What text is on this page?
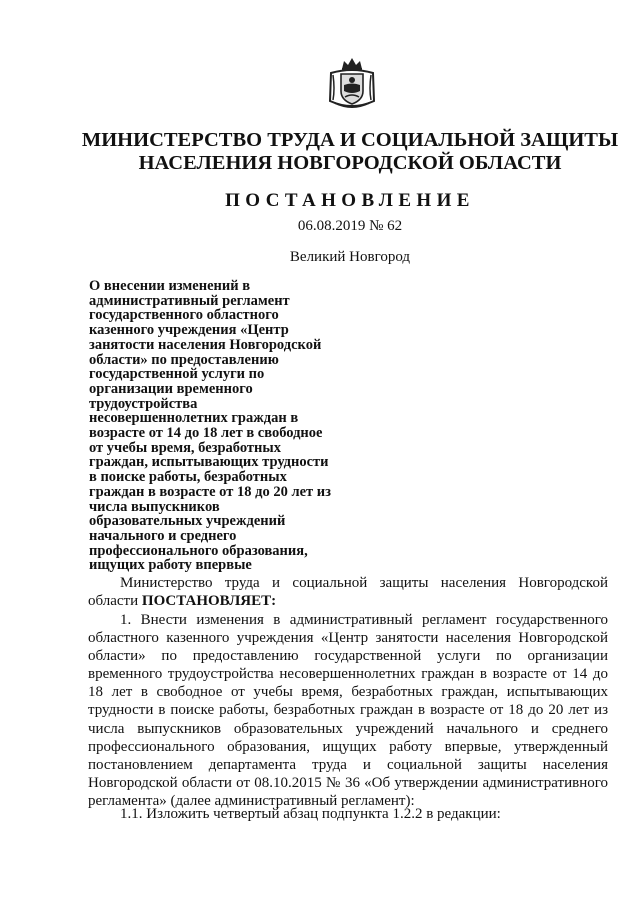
МИНИСТЕРСТВО ТРУДА И СОЦИАЛЬНОЙ ЗАЩИТЫ
НАСЕЛЕНИЯ НОВГОРОДСКОЙ ОБЛАСТИ
ПОСТАНОВЛЕНИЕ
06.08.2019 № 62
Великий Новгород
О внесении изменений в
административный регламент
государственного областного
казенного учреждения «Центр
занятости населения Новгородской
области» по предоставлению
государственной услуги по
организации временного
трудоустройства
несовершеннолетних граждан в
возрасте от 14 до 18 лет в свободное
от учебы время, безработных
граждан, испытывающих трудности
в поиске работы, безработных
граждан в возрасте от 18 до 20 лет из
числа выпускников
образовательных учреждений
начального и среднего
профессионального образования,
ищущих работу впервые
Министерство труда и социальной защиты населения Новгородской области ПОСТАНОВЛЯЕТ:
1. Внести изменения в административный регламент государственного областного казенного учреждения «Центр занятости населения Новгородской области» по предоставлению государственной услуги по организации временного трудоустройства несовершеннолетних граждан в возрасте от 14 до 18 лет в свободное от учебы время, безработных граждан, испытывающих трудности в поиске работы, безработных граждан в возрасте от 18 до 20 лет из числа выпускников образовательных учреждений начального и среднего профессионального образования, ищущих работу впервые, утвержденный постановлением департамента труда и социальной защиты населения Новгородской области от 08.10.2015 № 36 «Об утверждении административного регламента» (далее административный регламент):
1.1. Изложить четвертый абзац подпункта 1.2.2 в редакции:
